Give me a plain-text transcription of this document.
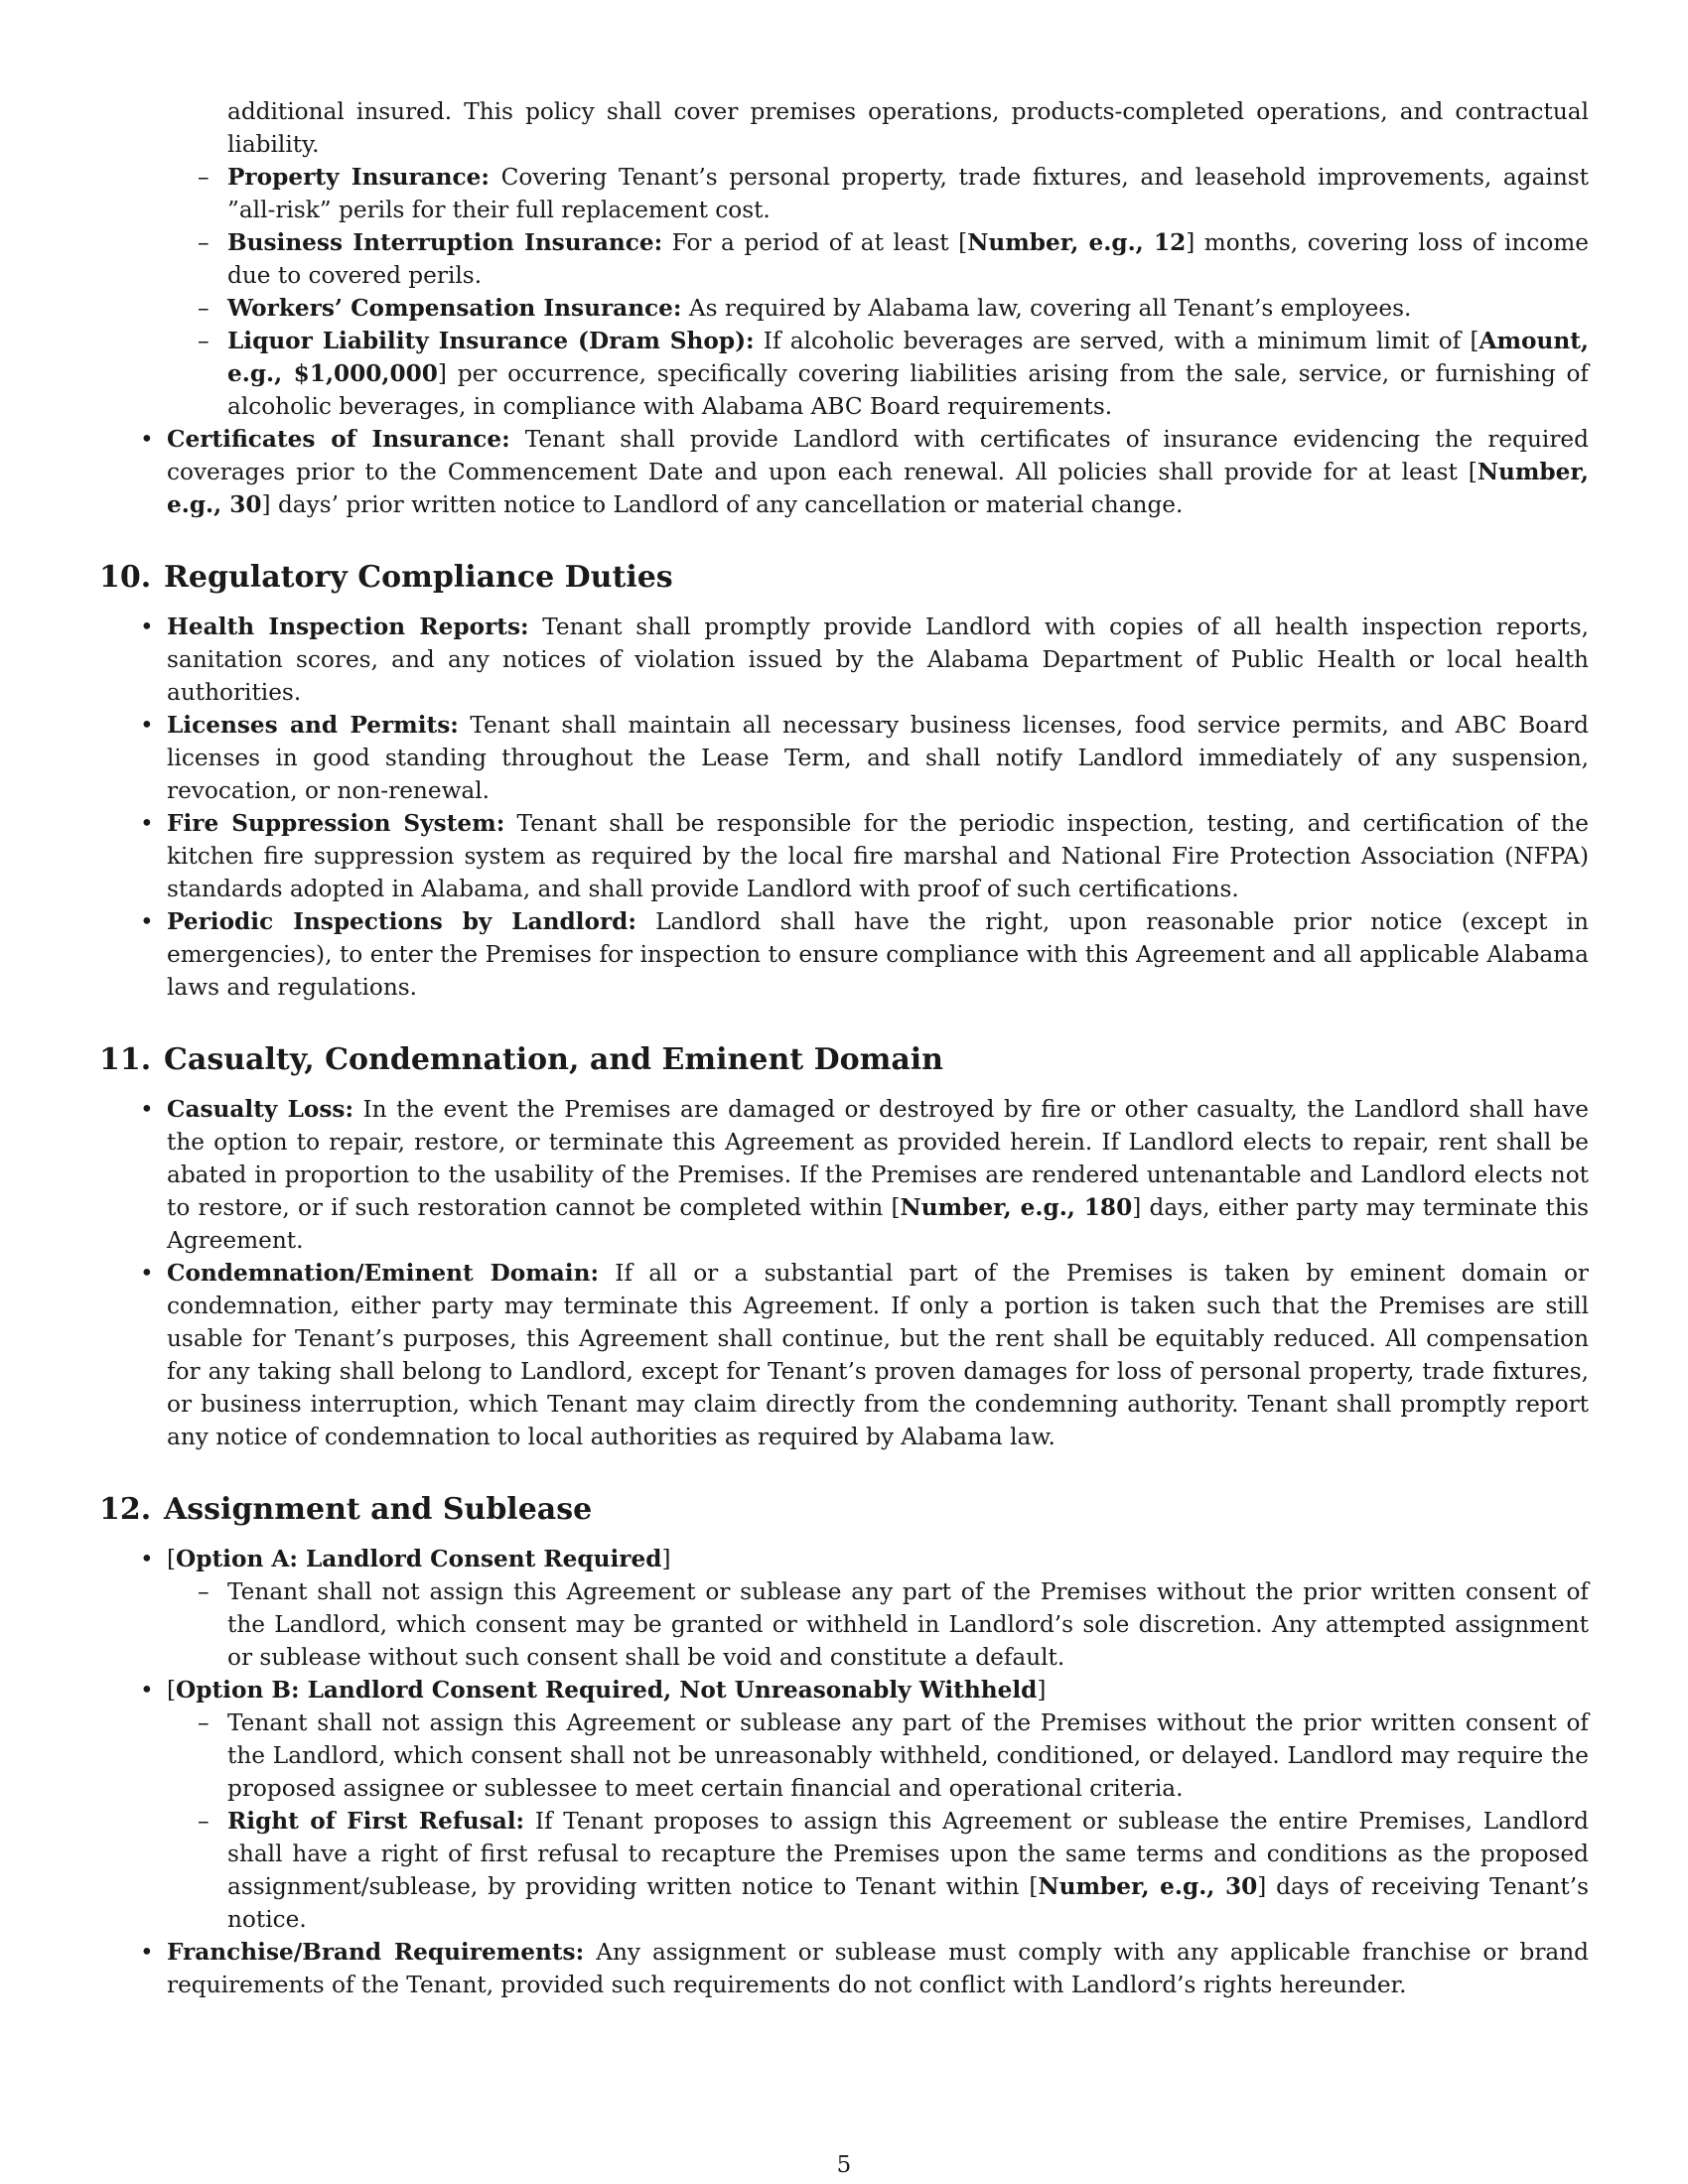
additional insured. This policy shall cover premises operations, products-completed operations, and contractual liability.
– Property Insurance: Covering Tenant’s personal property, trade fixtures, and leasehold improvements, against ”all-risk” perils for their full replacement cost.
– Business Interruption Insurance: For a period of at least [Number, e.g., 12] months, covering loss of income due to covered perils.
– Workers’ Compensation Insurance: As required by Alabama law, covering all Tenant’s employees.
– Liquor Liability Insurance (Dram Shop): If alcoholic beverages are served, with a minimum limit of [Amount, e.g., $1,000,000] per occurrence, specifically covering liabilities arising from the sale, service, or furnishing of alcoholic beverages, in compliance with Alabama ABC Board requirements.
• Certificates of Insurance: Tenant shall provide Landlord with certificates of insurance evidencing the required coverages prior to the Commencement Date and upon each renewal. All policies shall provide for at least [Number, e.g., 30] days’ prior written notice to Landlord of any cancellation or material change.
10. Regulatory Compliance Duties
• Health Inspection Reports: Tenant shall promptly provide Landlord with copies of all health inspection reports, sanitation scores, and any notices of violation issued by the Alabama Department of Public Health or local health authorities.
• Licenses and Permits: Tenant shall maintain all necessary business licenses, food service permits, and ABC Board licenses in good standing throughout the Lease Term, and shall notify Landlord immediately of any suspension, revocation, or non-renewal.
• Fire Suppression System: Tenant shall be responsible for the periodic inspection, testing, and certification of the kitchen fire suppression system as required by the local fire marshal and National Fire Protection Association (NFPA) standards adopted in Alabama, and shall provide Landlord with proof of such certifications.
• Periodic Inspections by Landlord: Landlord shall have the right, upon reasonable prior notice (except in emergencies), to enter the Premises for inspection to ensure compliance with this Agreement and all applicable Alabama laws and regulations.
11. Casualty, Condemnation, and Eminent Domain
• Casualty Loss: In the event the Premises are damaged or destroyed by fire or other casualty, the Landlord shall have the option to repair, restore, or terminate this Agreement as provided herein. If Landlord elects to repair, rent shall be abated in proportion to the usability of the Premises. If the Premises are rendered untenantable and Landlord elects not to restore, or if such restoration cannot be completed within [Number, e.g., 180] days, either party may terminate this Agreement.
• Condemnation/Eminent Domain: If all or a substantial part of the Premises is taken by eminent domain or condemnation, either party may terminate this Agreement. If only a portion is taken such that the Premises are still usable for Tenant’s purposes, this Agreement shall continue, but the rent shall be equitably reduced. All compensation for any taking shall belong to Landlord, except for Tenant’s proven damages for loss of personal property, trade fixtures, or business interruption, which Tenant may claim directly from the condemning authority. Tenant shall promptly report any notice of condemnation to local authorities as required by Alabama law.
12. Assignment and Sublease
• [Option A: Landlord Consent Required]
– Tenant shall not assign this Agreement or sublease any part of the Premises without the prior written consent of the Landlord, which consent may be granted or withheld in Landlord’s sole discretion. Any attempted assignment or sublease without such consent shall be void and constitute a default.
• [Option B: Landlord Consent Required, Not Unreasonably Withheld]
– Tenant shall not assign this Agreement or sublease any part of the Premises without the prior written consent of the Landlord, which consent shall not be unreasonably withheld, conditioned, or delayed. Landlord may require the proposed assignee or sublessee to meet certain financial and operational criteria.
– Right of First Refusal: If Tenant proposes to assign this Agreement or sublease the entire Premises, Landlord shall have a right of first refusal to recapture the Premises upon the same terms and conditions as the proposed assignment/sublease, by providing written notice to Tenant within [Number, e.g., 30] days of receiving Tenant’s notice.
• Franchise/Brand Requirements: Any assignment or sublease must comply with any applicable franchise or brand requirements of the Tenant, provided such requirements do not conflict with Landlord’s rights hereunder.
5
